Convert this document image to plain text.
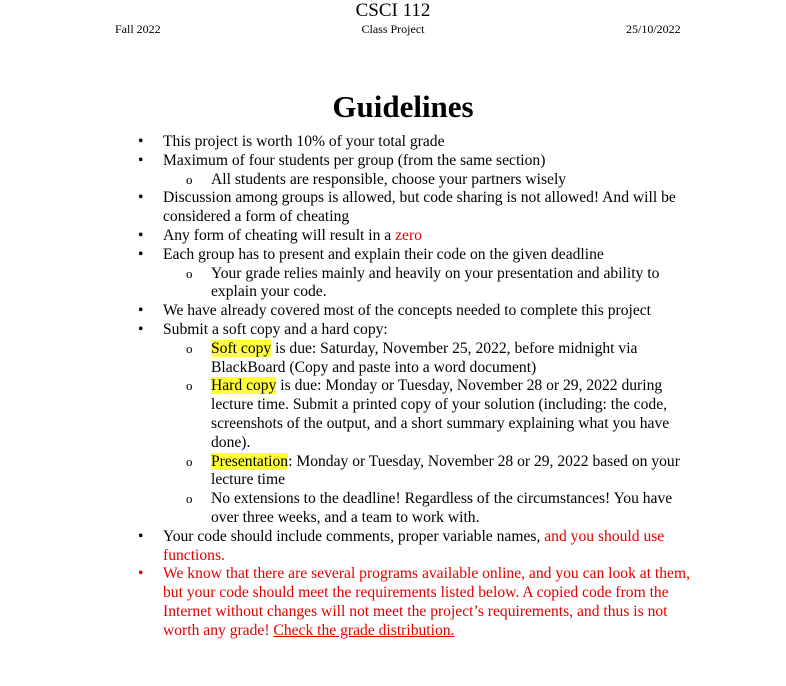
CSCI 112
Fall 2022	Class Project	25/10/2022
Guidelines
• This project is worth 10% of your total grade
• Maximum of four students per group (from the same section)
o All students are responsible, choose your partners wisely
• Discussion among groups is allowed, but code sharing is not allowed! And will be considered a form of cheating
• Any form of cheating will result in a zero
• Each group has to present and explain their code on the given deadline
o Your grade relies mainly and heavily on your presentation and ability to explain your code.
• We have already covered most of the concepts needed to complete this project
• Submit a soft copy and a hard copy:
o Soft copy is due: Saturday, November 25, 2022, before midnight via BlackBoard (Copy and paste into a word document)
o Hard copy is due: Monday or Tuesday, November 28 or 29, 2022 during lecture time. Submit a printed copy of your solution (including: the code, screenshots of the output, and a short summary explaining what you have done).
o Presentation: Monday or Tuesday, November 28 or 29, 2022 based on your lecture time
o No extensions to the deadline! Regardless of the circumstances! You have over three weeks, and a team to work with.
• Your code should include comments, proper variable names, and you should use functions.
• We know that there are several programs available online, and you can look at them, but your code should meet the requirements listed below. A copied code from the Internet without changes will not meet the project’s requirements, and thus is not worth any grade! Check the grade distribution.
